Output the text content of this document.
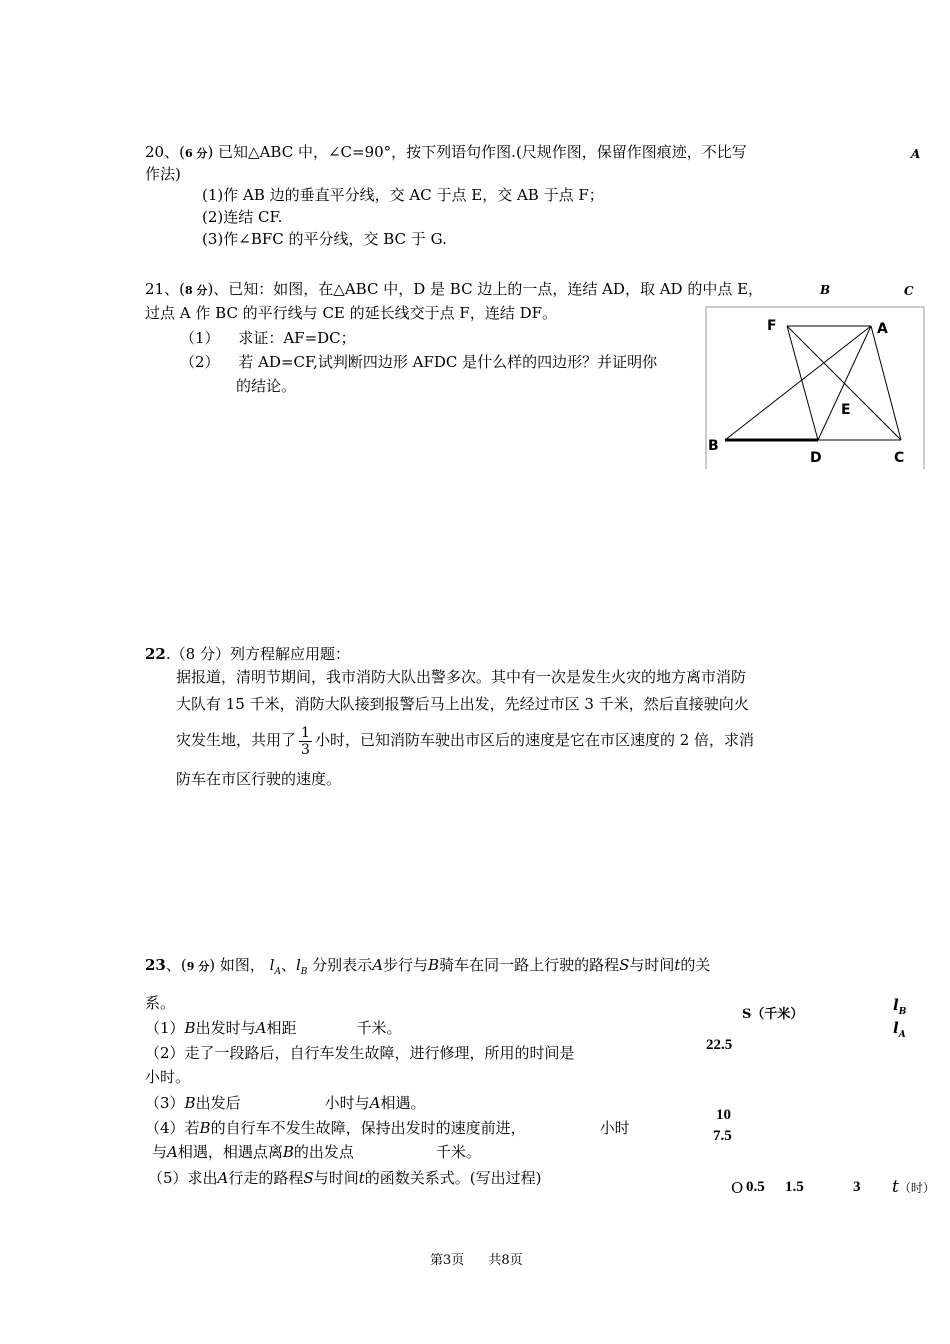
20、(6 分) 已知△ABC 中，∠C=90°，按下列语句作图.(尺规作图，保留作图痕迹，不比写
作法)
(1)作 AB 边的垂直平分线，交 AC 于点 E，交 AB 于点 F；
(2)连结 CF.
(3)作∠BFC 的平分线，交 BC 于 G.
A
B	C
21、(8 分)、已知：如图，在△ABC 中，D 是 BC 边上的一点，连结 AD，取 AD 的中点 E，
过点 A 作 BC 的平行线与 CE 的延长线交于点 F，连结 DF。
（1） 求证：AF=DC；
（2） 若 AD=CF,试判断四边形 AFDC 是什么样的四边形？并证明你
的结论。
F	A
E
B
D	C
22.（8 分）列方程解应用题：
据报道，清明节期间，我市消防大队出警多次。其中有一次是发生火灾的地方离市消防
大队有 15 千米，消防大队接到报警后马上出发，先经过市区 3 千米，然后直接驶向火
灾发生地，共用了 $\frac{1}{3}$ 小时，已知消防车驶出市区后的速度是它在市区速度的 2 倍，求消
防车在市区行驶的速度。
23、(9 分) 如图， $l_A$、$l_B$ 分别表示A步行与B骑车在同一路上行驶的路程S与时间t的关
系。
（1）B出发时与A相距	千米。
（2）走了一段路后，自行车发生故障，进行修理，所用的时间是
小时。
（3）B出发后	小时与A相遇。
（4）若B的自行车不发生故障，保持出发时的速度前进，	小时
与A相遇，相遇点离B的出发点	千米。
（5）求出A行走的路程S与时间t的函数关系式。(写出过程)
S（千米）
$l_B$
$l_A$
22.5
10
7.5
O 0.5 1.5	3 t（时）
第3页 共8页
